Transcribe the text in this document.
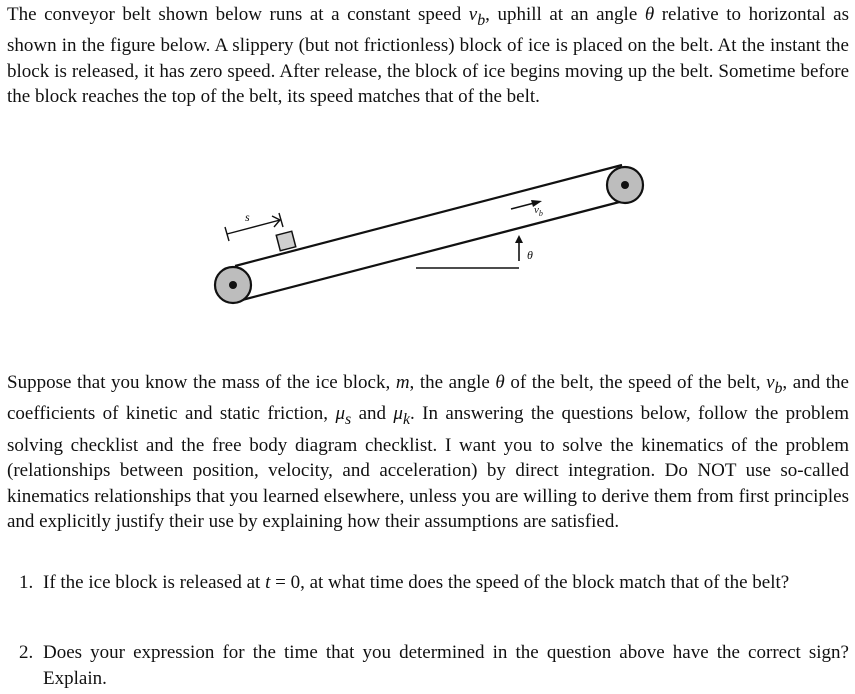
The conveyor belt shown below runs at a constant speed $v_b$, uphill at an angle θ relative to horizontal as shown in the figure below. A slippery (but not frictionless) block of ice is placed on the belt. At the instant the block is released, it has zero speed. After release, the block of ice begins moving up the belt. Sometime before the block reaches the top of the belt, its speed matches that of the belt.

s	$v_b$
θ

Suppose that you know the mass of the ice block, m, the angle θ of the belt, the speed of the belt, $v_b$, and the coefficients of kinetic and static friction, $\mu_s$ and $\mu_k$. In answering the questions below, follow the problem solving checklist and the free body diagram checklist. I want you to solve the kinematics of the problem (relationships between position, velocity, and acceleration) by direct integration. Do NOT use so-called kinematics relationships that you learned elsewhere, unless you are willing to derive them from first principles and explicitly justify their use by explaining how their assumptions are satisfied.

1. If the ice block is released at t = 0, at what time does the speed of the block match that of the belt?
2. Does your expression for the time that you determined in the question above have the correct sign? Explain.
